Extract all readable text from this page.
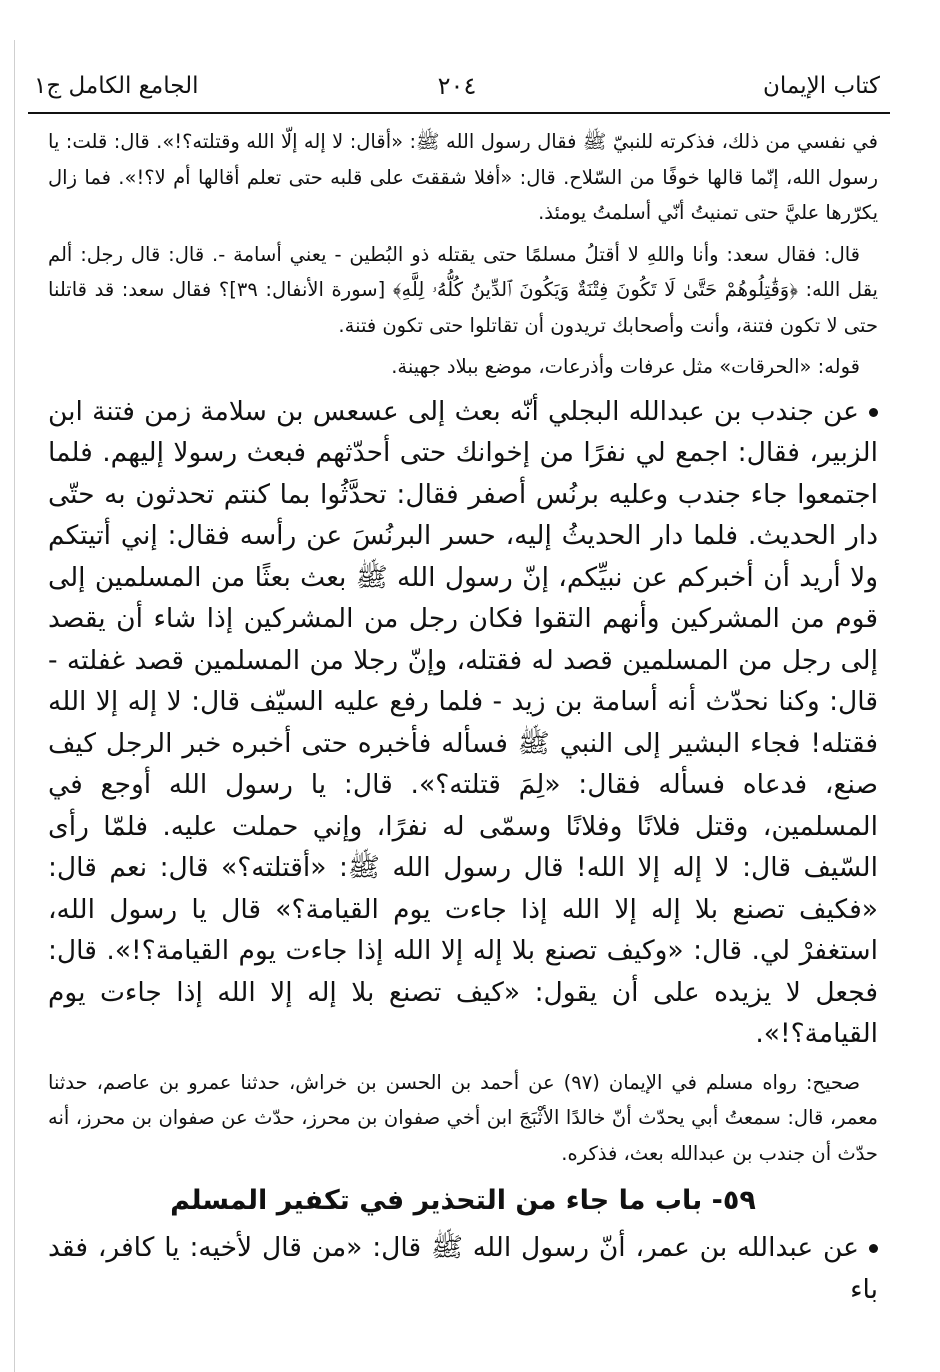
كتاب الإيمان
٢٠٤
الجامع الكامل ج١

في نفسي من ذلك، فذكرته للنبيّ ﷺ فقال رسول الله ﷺ: «أقال: لا إله إلّا الله وقتلته؟!». قال: قلت: يا رسول الله، إنّما قالها خوفًا من السّلاح. قال: «أفلا شققتَ على قلبه حتى تعلم أقالها أم لا؟!». فما زال يكرّرها عليَّ حتى تمنيتُ أنّي أسلمتُ يومئذ.

قال: فقال سعد: وأنا واللهِ لا أقتلُ مسلمًا حتى يقتله ذو البُطين - يعني أسامة -. قال: قال رجل: ألم يقل الله: ﴿وَقَٰتِلُوهُمْ حَتَّىٰ لَا تَكُونَ فِتْنَةٌ وَيَكُونَ ٱلدِّينُ كُلُّهُۥ لِلَّهِ﴾ [سورة الأنفال: ٣٩]؟ فقال سعد: قد قاتلنا حتى لا تكون فتنة، وأنت وأصحابك تريدون أن تقاتلوا حتى تكون فتنة.

قوله: «الحرقات» مثل عرفات وأذرعات، موضع ببلاد جهينة.

عن جندب بن عبدالله البجلي أنّه بعث إلى عسعس بن سلامة زمن فتنة ابن الزبير، فقال: اجمع لي نفرًا من إخوانك حتى أحدّثهم فبعث رسولا إليهم. فلما اجتمعوا جاء جندب وعليه برنُس أصفر فقال: تحدَّثُوا بما كنتم تحدثون به حتّى دار الحديث. فلما دار الحديثُ إليه، حسر البرنُسَ عن رأسه فقال: إني أتيتكم ولا أريد أن أخبركم عن نبيِّكم، إنّ رسول الله ﷺ بعث بعثًا من المسلمين إلى قوم من المشركين وأنهم التقوا فكان رجل من المشركين إذا شاء أن يقصد إلى رجل من المسلمين قصد له فقتله، وإنّ رجلا من المسلمين قصد غفلته - قال: وكنا نحدّث أنه أسامة بن زيد - فلما رفع عليه السيّف قال: لا إله إلا الله فقتله! فجاء البشير إلى النبي ﷺ فسأله فأخبره حتى أخبره خبر الرجل كيف صنع، فدعاه فسأله فقال: «لِمَ قتلته؟». قال: يا رسول الله أوجع في المسلمين، وقتل فلانًا وفلانًا وسمّى له نفرًا، وإني حملت عليه. فلمّا رأى السّيف قال: لا إله إلا الله! قال رسول الله ﷺ: «أقتلته؟» قال: نعم قال: «فكيف تصنع بلا إله إلا الله إذا جاءت يوم القيامة؟» قال يا رسول الله، استغفرْ لي. قال: «وكيف تصنع بلا إله إلا الله إذا جاءت يوم القيامة؟!». قال: فجعل لا يزيده على أن يقول: «كيف تصنع بلا إله إلا الله إذا جاءت يوم القيامة؟!».

صحيح: رواه مسلم في الإيمان (٩٧) عن أحمد بن الحسن بن خراش، حدثنا عمرو بن عاصم، حدثنا معمر، قال: سمعتُ أبي يحدّث أنّ خالدًا الأثْبَجَ ابن أخي صفوان بن محرز، حدّث عن صفوان بن محرز، أنه حدّث أن جندب بن عبدالله بعث، فذكره.

٥٩- باب ما جاء من التحذير في تكفير المسلم

عن عبدالله بن عمر، أنّ رسول الله ﷺ قال: «من قال لأخيه: يا كافر، فقد باء
